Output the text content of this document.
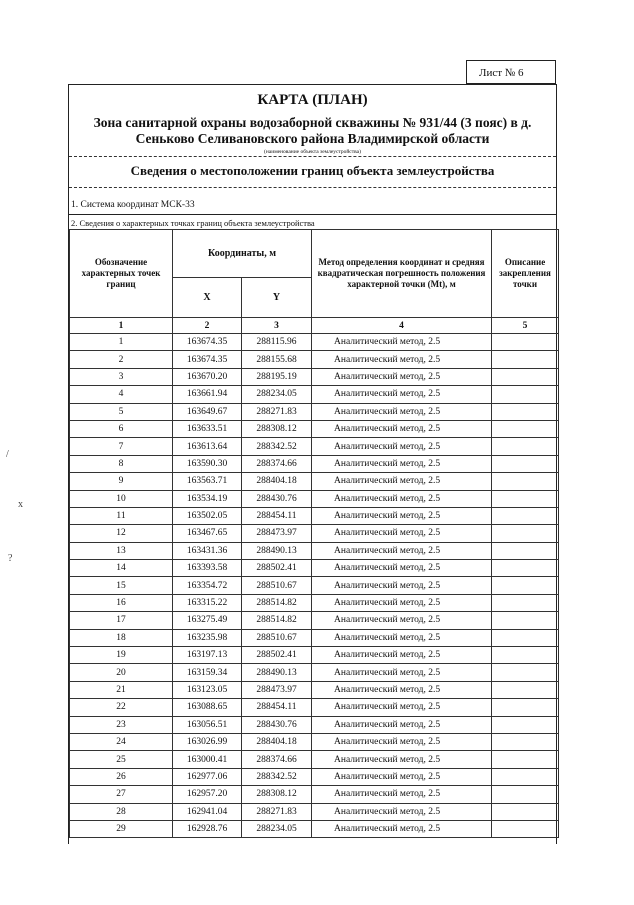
Лист № 6
КАРТА (ПЛАН)
Зона санитарной охраны водозаборной скважины № 931/44 (3 пояс) в д. Сеньково Селивановского района Владимирской области
(наименование объекта землеустройства)
Сведения о местоположении границ объекта землеустройства
1. Система координат МСК-33
2. Сведения о характерных точках границ объекта землеустройства
Обозначение характерных точек границ	Координаты, м		Метод определения координат и средняя квадратическая погрешность положения характерной точки (Mt), м	Описание закрепления точки
	X	Y		
1	2	3	4	5
1	163674.35	288115.96	Аналитический метод, 2.5	
2	163674.35	288155.68	Аналитический метод, 2.5	
3	163670.20	288195.19	Аналитический метод, 2.5	
4	163661.94	288234.05	Аналитический метод, 2.5	
5	163649.67	288271.83	Аналитический метод, 2.5	
6	163633.51	288308.12	Аналитический метод, 2.5	
7	163613.64	288342.52	Аналитический метод, 2.5	
8	163590.30	288374.66	Аналитический метод, 2.5	
9	163563.71	288404.18	Аналитический метод, 2.5	
10	163534.19	288430.76	Аналитический метод, 2.5	
11	163502.05	288454.11	Аналитический метод, 2.5	
12	163467.65	288473.97	Аналитический метод, 2.5	
13	163431.36	288490.13	Аналитический метод, 2.5	
14	163393.58	288502.41	Аналитический метод, 2.5	
15	163354.72	288510.67	Аналитический метод, 2.5	
16	163315.22	288514.82	Аналитический метод, 2.5	
17	163275.49	288514.82	Аналитический метод, 2.5	
18	163235.98	288510.67	Аналитический метод, 2.5	
19	163197.13	288502.41	Аналитический метод, 2.5	
20	163159.34	288490.13	Аналитический метод, 2.5	
21	163123.05	288473.97	Аналитический метод, 2.5	
22	163088.65	288454.11	Аналитический метод, 2.5	
23	163056.51	288430.76	Аналитический метод, 2.5	
24	163026.99	288404.18	Аналитический метод, 2.5	
25	163000.41	288374.66	Аналитический метод, 2.5	
26	162977.06	288342.52	Аналитический метод, 2.5	
27	162957.20	288308.12	Аналитический метод, 2.5	
28	162941.04	288271.83	Аналитический метод, 2.5	
29	162928.76	288234.05	Аналитический метод, 2.5	
/
x
?
